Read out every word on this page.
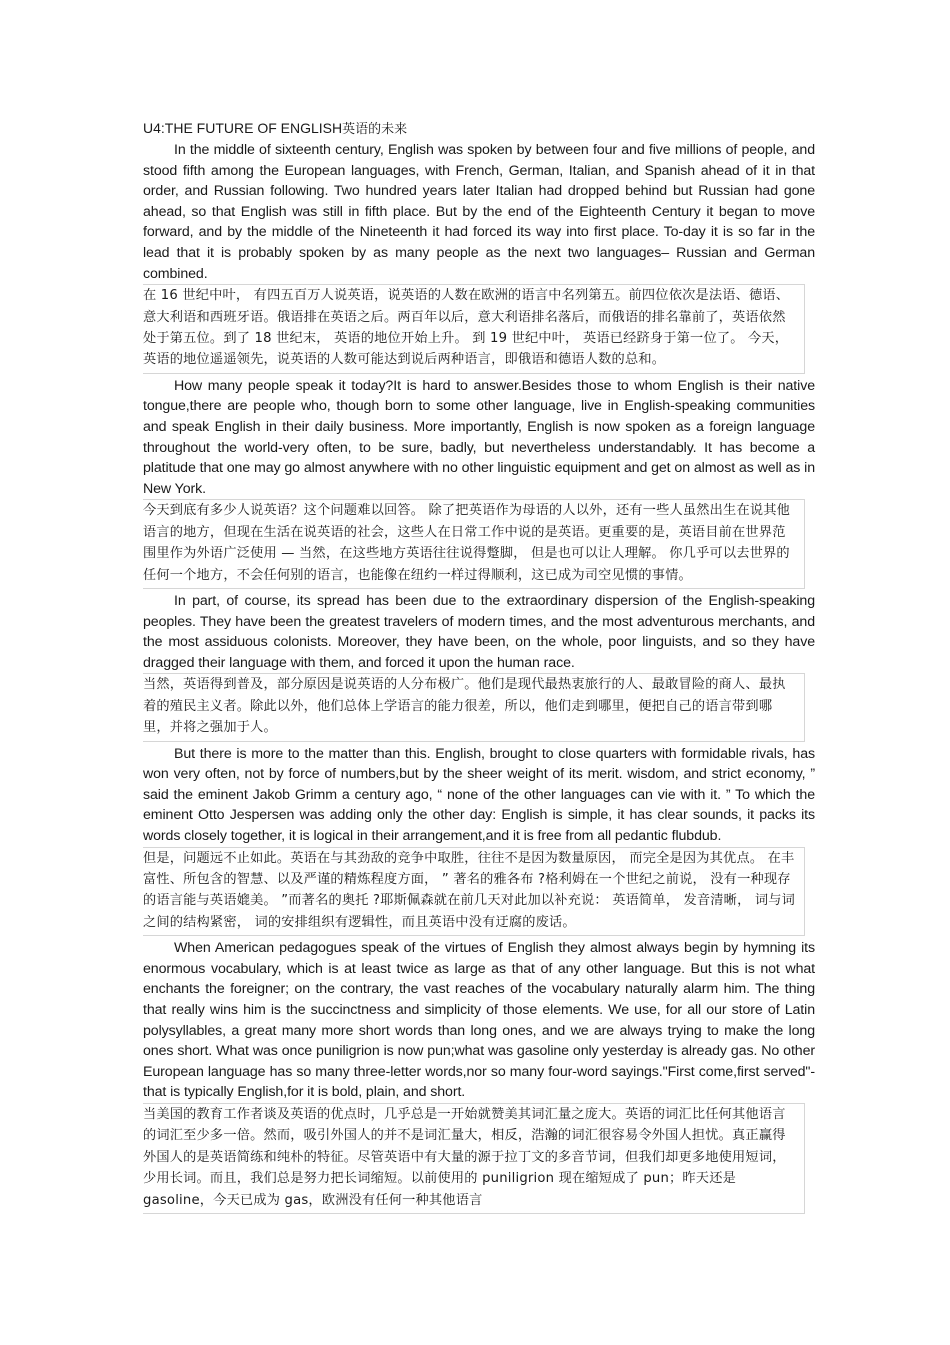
U4:THE FUTURE OF ENGLISH英语的未来

In the middle of sixteenth century, English was spoken by between four and five millions of people, and stood fifth among the European languages, with French, German, Italian, and Spanish ahead of it in that order, and Russian following. Two hundred years later Italian had dropped behind but Russian had gone ahead, so that English was still in fifth place. But by the end of the Eighteenth Century it began to move forward, and by the middle of the Nineteenth it had forced its way into first place. To-day it is so far in the lead that it is probably spoken by as many people as the next two languages– Russian and German combined.

在 16 世纪中叶， 有四五百万人说英语，说英语的人数在欧洲的语言中名列第五。前四位依次是法语、德语、意大利语和西班牙语。俄语排在英语之后。两百年以后，意大利语排名落后，而俄语的排名靠前了，英语依然处于第五位。到了 18 世纪末， 英语的地位开始上升。 到 19 世纪中叶， 英语已经跻身于第一位了。 今天， 英语的地位遥遥领先，说英语的人数可能达到说后两种语言，即俄语和德语人数的总和。

How many people speak it today?It is hard to answer.Besides those to whom English is their native tongue,there are people who, though born to some other language, live in English-speaking communities and speak English in their daily business. More importantly, English is now spoken as a foreign language throughout the world-very often, to be sure, badly, but nevertheless understandably. It has become a platitude that one may go almost anywhere with no other linguistic equipment and get on almost as well as in New York.

今天到底有多少人说英语？这个问题难以回答。 除了把英语作为母语的人以外，还有一些人虽然出生在说其他语言的地方，但现在生活在说英语的社会，这些人在日常工作中说的是英语。更重要的是，英语目前在世界范围里作为外语广泛使用 — 当然，在这些地方英语往往说得蹩脚， 但是也可以让人理解。 你几乎可以去世界的任何一个地方，不会任何别的语言，也能像在纽约一样过得顺利，这已成为司空见惯的事情。

In part, of course, its spread has been due to the extraordinary dispersion of the English-speaking peoples. They have been the greatest travelers of modern times, and the most adventurous merchants, and the most assiduous colonists. Moreover, they have been, on the whole, poor linguists, and so they have dragged their language with them, and forced it upon the human race.

当然，英语得到普及，部分原因是说英语的人分布极广。他们是现代最热衷旅行的人、最敢冒险的商人、最执着的殖民主义者。除此以外，他们总体上学语言的能力很差，所以，他们走到哪里，便把自己的语言带到哪里，并将之强加于人。

But there is more to the matter than this. English, brought to close quarters with formidable rivals, has won very often, not by force of numbers,but by the sheer weight of its merit. wisdom, and strict economy, ” said the eminent Jakob Grimm a century ago, “ none of the other languages can vie with it. ” To which the eminent Otto Jespersen was adding only the other day: English is simple, it has clear sounds, it packs its words closely together, it is logical in their arrangement,and it is free from all pedantic flubdub.

但是，问题远不止如此。英语在与其劲敌的竞争中取胜，往往不是因为数量原因， 而完全是因为其优点。 在丰富性、所包含的智慧、以及严谨的精炼程度方面， ” 著名的雅各布 ?格利姆在一个世纪之前说， 没有一种现存的语言能与英语媲美。 ”而著名的奥托 ?耶斯佩森就在前几天对此加以补充说： 英语简单， 发音清晰， 词与词之间的结构紧密， 词的安排组织有逻辑性，而且英语中没有迂腐的废话。

When American pedagogues speak of the virtues of English they almost always begin by hymning its enormous vocabulary, which is at least twice as large as that of any other language. But this is not what enchants the foreigner; on the contrary, the vast reaches of the vocabulary naturally alarm him. The thing that really wins him is the succinctness and simplicity of those elements. We use, for all our store of Latin polysyllables, a great many more short words than long ones, and we are always trying to make the long ones short. What was once puniligrion is now pun;what was gasoline only yesterday is already gas. No other European language has so many three-letter words,nor so many four-word sayings."First come,first served"-that is typically English,for it is bold, plain, and short.

当美国的教育工作者谈及英语的优点时，几乎总是一开始就赞美其词汇量之庞大。英语的词汇比任何其他语言的词汇至少多一倍。然而，吸引外国人的并不是词汇量大，相反，浩瀚的词汇很容易令外国人担忧。真正赢得外国人的是英语简练和纯朴的特征。尽管英语中有大量的源于拉丁文的多音节词，但我们却更多地使用短词，少用长词。而且，我们总是努力把长词缩短。以前使用的 puniligrion 现在缩短成了 pun；昨天还是 gasoline，今天已成为 gas，欧洲没有任何一种其他语言
